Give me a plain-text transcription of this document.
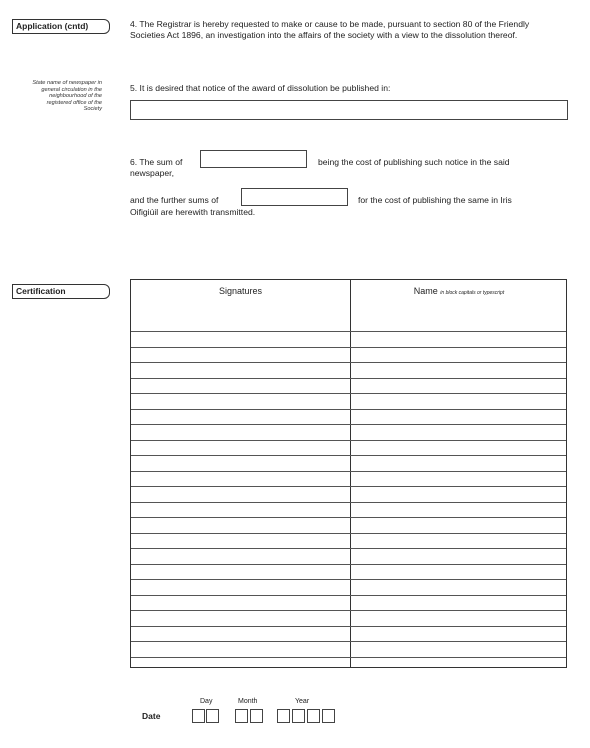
Application (cntd)	4. The Registrar is hereby requested to make or cause to be made, pursuant to section 80 of the Friendly Societies Act 1896, an investigation into the affairs of the society with a view to the dissolution thereof.
State name of newspaper in general circulation in the neighbourhood of the registered office of the Society
5. It is desired that notice of the award of dissolution be published in:
6. The sum of	being the cost of publishing such notice in the said
newspaper,
and the further sums of	for the cost of publishing the same in Iris
Oifigiúil are herewith transmitted.
Certification	Signatures	Name in block capitals or typescript
Day	Month	Year
Date
